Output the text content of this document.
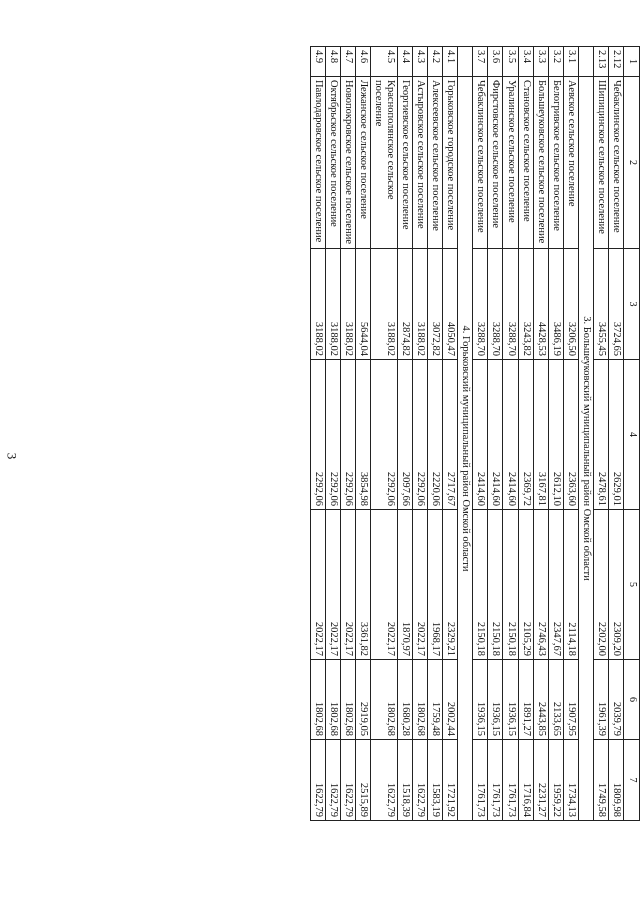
3
1	2	3	4	5	6	7
2.12	Чебаклинское сельское поселение	3724,65	2629,01	2309,20	2039,79	1809,98
2.13	Шипицинское сельское поселение	3455,45	2478,61	2202,00	1961,39	1749,58
	3. Большеуковский муниципальный район Омской области					
3.1	Аевское сельское поселение	3206,50	2363,60	2114,18	1907,95	1734,13
3.2	Белогривское сельское поселение	3486,19	2612,10	2347,67	2133,65	1959,22
3.3	Большеуковское сельское поселение	4428,53	3167,81	2746,43	2443,85	2231,27
3.4	Становское сельское поселение	3243,82	2369,72	2105,29	1891,27	1716,84
3.5	Уралинское сельское поселение	3288,70	2414,60	2150,18	1936,15	1761,73
3.6	Фирстовское сельское поселение	3288,70	2414,60	2150,18	1936,15	1761,73
3.7	Чебаклинское сельское поселение	3288,70	2414,60	2150,18	1936,15	1761,73
	4. Горьковский муниципальный район Омской области					
4.1	Горьковское городское поселение	4050,47	2717,67	2329,21	2002,44	1721,92
4.2	Алексеевское сельское поселение	3072,82	2220,06	1968,17	1759,48	1583,19
4.3	Астыровское сельское поселение	3188,02	2292,06	2022,17	1802,68	1622,79
4.4	Георгиевское сельское поселение	2874,82	2097,66	1870,97	1680,28	1518,39
4.5	Краснополянское сельское поселение	3188,02	2292,06	2022,17	1802,68	1622,79
4.6	Лежанское сельское поселение	5644,04	3854,98	3361,82	2919,05	2515,89
4.7	Новопокровское сельское поселение	3188,02	2292,06	2022,17	1802,68	1622,79
4.8	Октябрьское сельское поселение	3188,02	2292,06	2022,17	1802,68	1622,79
4.9	Павлодаровское сельское поселение	3188,02	2292,06	2022,17	1802,68	1622,79
